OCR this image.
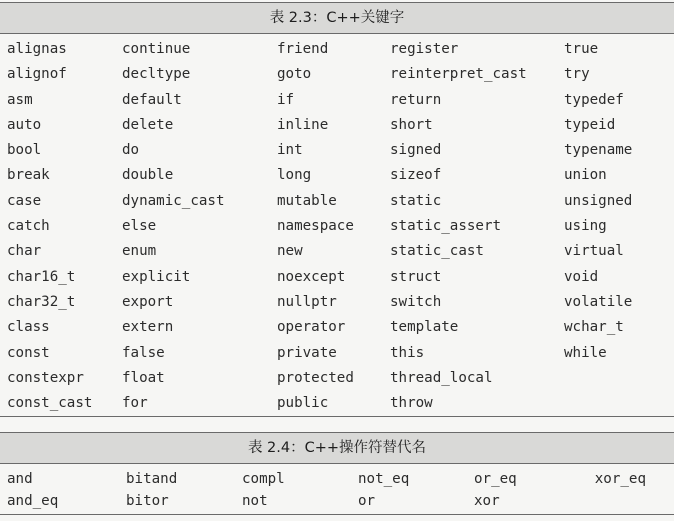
表 2.3：C++关键字
alignas	continue	friend	register	true
alignof	decltype	goto	reinterpret_cast	try
asm	default	if	return	typedef
auto	delete	inline	short	typeid
bool	do	int	signed	typename
break	double	long	sizeof	union
case	dynamic_cast	mutable	static	unsigned
catch	else	namespace	static_assert	using
char	enum	new	static_cast	virtual
char16_t	explicit	noexcept	struct	void
char32_t	export	nullptr	switch	volatile
class	extern	operator	template	wchar_t
const	false	private	this	while
constexpr	float	protected	thread_local
const_cast	for	public	throw
表 2.4：C++操作符替代名
and	bitand	compl	not_eq	or_eq	xor_eq
and_eq	bitor	not	or	xor
